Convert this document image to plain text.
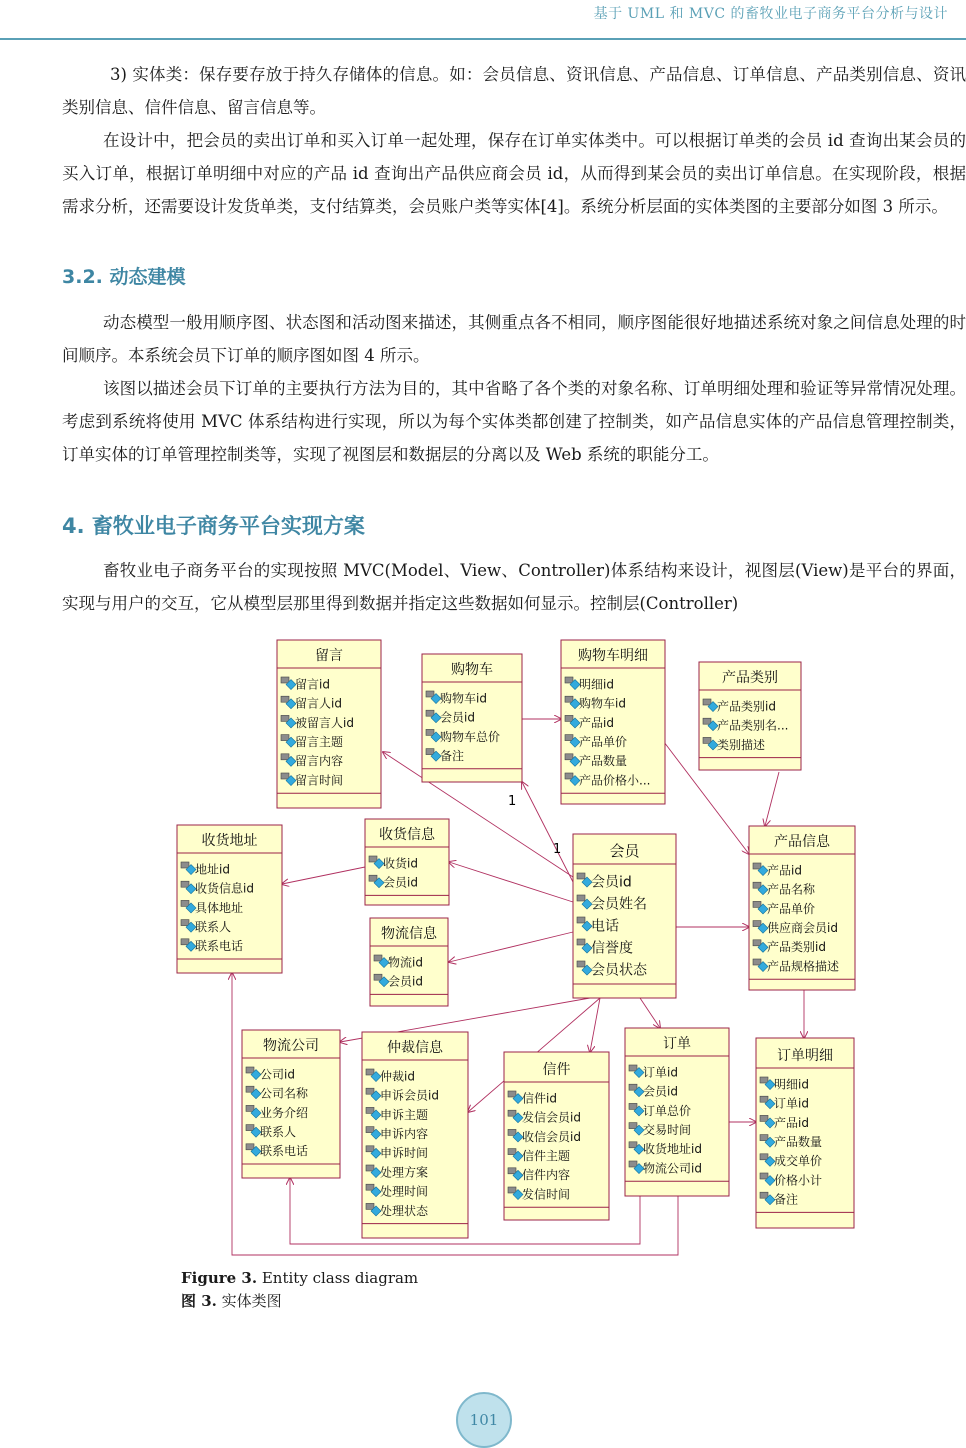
基于 UML 和 MVC 的畜牧业电子商务平台分析与设计
3) 实体类：保存要存放于持久存储体的信息。如：会员信息、资讯信息、产品信息、订单信息、产品类别信息、资讯类别信息、信件信息、留言信息等。
在设计中，把会员的卖出订单和买入订单一起处理，保存在订单实体类中。可以根据订单类的会员 id 查询出某会员的买入订单，根据订单明细中对应的产品 id 查询出产品供应商会员 id，从而得到某会员的卖出订单信息。在实现阶段，根据需求分析，还需要设计发货单类，支付结算类，会员账户类等实体[4]。系统分析层面的实体类图的主要部分如图 3 所示。
3.2. 动态建模
动态模型一般用顺序图、状态图和活动图来描述，其侧重点各不相同，顺序图能很好地描述系统对象之间信息处理的时间顺序。本系统会员下订单的顺序图如图 4 所示。
该图以描述会员下订单的主要执行方法为目的，其中省略了各个类的对象名称、订单明细处理和验证等异常情况处理。考虑到系统将使用 MVC 体系结构进行实现，所以为每个实体类都创建了控制类，如产品信息实体的产品信息管理控制类，订单实体的订单管理控制类等，实现了视图层和数据层的分离以及 Web 系统的职能分工。
4. 畜牧业电子商务平台实现方案
畜牧业电子商务平台的实现按照 MVC(Model、View、Controller)体系结构来设计，视图层(View)是平台的界面，实现与用户的交互，它从模型层那里得到数据并指定这些数据如何显示。控制层(Controller)
留言
留言id
留言人id
被留言人id
留言主题
留言内容
留言时间
购物车
购物车id
会员id
购物车总价
备注
购物车明细
明细id
购物车id
产品id
产品单价
产品数量
产品价格小...
产品类别
产品类别id
产品类别名...
类别描述
收货地址
地址id
收货信息id
具体地址
联系人
联系电话
收货信息
收货id
会员id
会员
会员id
会员姓名
电话
信誉度
会员状态
产品信息
产品id
产品名称
产品单价
供应商会员id
产品类别id
产品规格描述
物流信息
物流id
会员id
物流公司
公司id
公司名称
业务介绍
联系人
联系电话
仲裁信息
仲裁id
申诉会员id
申诉主题
申诉内容
申诉时间
处理方案
处理时间
处理状态
信件
信件id
发信会员id
收信会员id
信件主题
信件内容
发信时间
订单
订单id
会员id
订单总价
交易时间
收货地址id
物流公司id
订单明细
明细id
订单id
产品id
产品数量
成交单价
价格小计
备注
1
1
Figure 3. Entity class diagram
图 3. 实体类图
101
